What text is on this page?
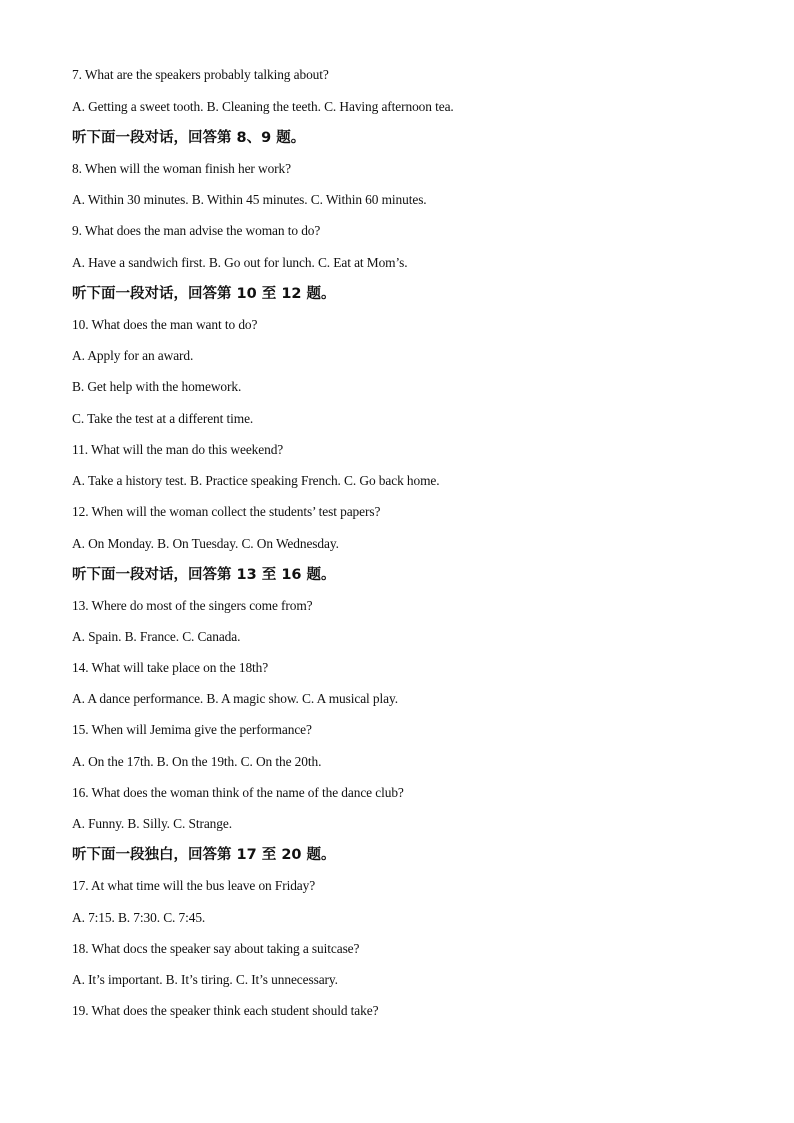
7. What are the speakers probably talking about?
A. Getting a sweet tooth. B. Cleaning the teeth. C. Having afternoon tea.
听下面一段对话，回答第 8、9 题。
8. When will the woman finish her work?
A. Within 30 minutes. B. Within 45 minutes. C. Within 60 minutes.
9. What does the man advise the woman to do?
A. Have a sandwich first. B. Go out for lunch. C. Eat at Mom’s.
听下面一段对话，回答第 10 至 12 题。
10. What does the man want to do?
A. Apply for an award.
B. Get help with the homework.
C. Take the test at a different time.
11. What will the man do this weekend?
A. Take a history test. B. Practice speaking French. C. Go back home.
12. When will the woman collect the students’ test papers?
A. On Monday. B. On Tuesday. C. On Wednesday.
听下面一段对话，回答第 13 至 16 题。
13. Where do most of the singers come from?
A. Spain. B. France. C. Canada.
14. What will take place on the 18th?
A. A dance performance. B. A magic show. C. A musical play.
15. When will Jemima give the performance?
A. On the 17th. B. On the 19th. C. On the 20th.
16. What does the woman think of the name of the dance club?
A. Funny. B. Silly. C. Strange.
听下面一段独白，回答第 17 至 20 题。
17. At what time will the bus leave on Friday?
A. 7:15. B. 7:30. C. 7:45.
18. What docs the speaker say about taking a suitcase?
A. It’s important. B. It’s tiring. C. It’s unnecessary.
19. What does the speaker think each student should take?
